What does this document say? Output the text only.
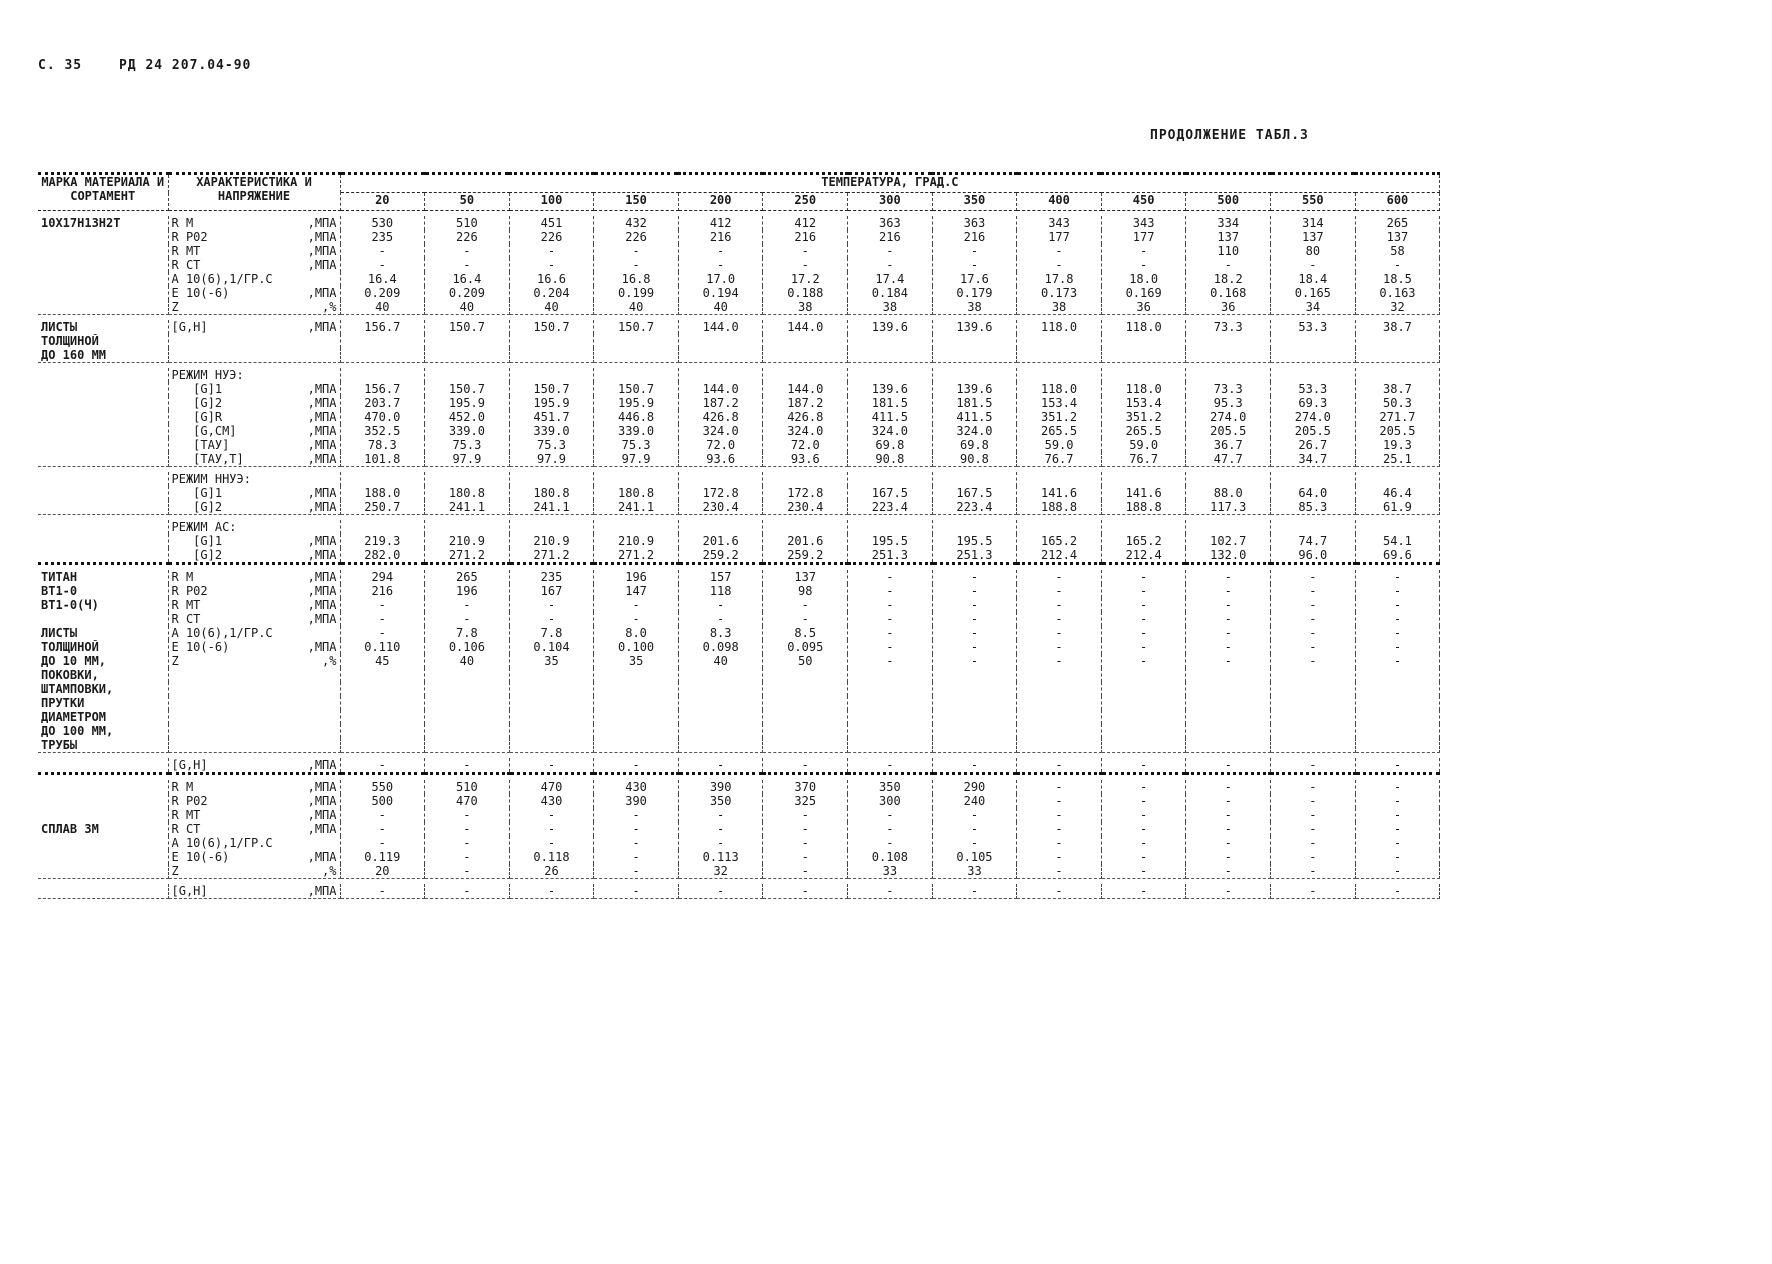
С. 35	РД 24 207.04-90
ПРОДОЛЖЕНИЕ ТАБЛ.3
МАРКА МАТЕРИАЛА И СОРТАМЕНТ	ХАРАКТЕРИСТИКА И НАПРЯЖЕНИЕ	ТЕМПЕРАТУРА, ГРАД.С												
		20	50	100	150	200	250	300	350	400	450	500	550	600

10Х17Н13Н2Т	R M ,МПА	530	510	451	432	412	412	363	363	343	343	334	314	265
	R P02 ,МПА	235	226	226	226	216	216	216	216	177	177	137	137	137
	R MT ,МПА	-	-	-	-	-	-	-	-	-	-	110	80	58
	R CT ,МПА	-	-	-	-	-	-	-	-	-	-	-	-	-
	A 10(6),1/ГР.С	16.4	16.4	16.6	16.8	17.0	17.2	17.4	17.6	17.8	18.0	18.2	18.4	18.5
	E 10(-6) ,МПА	0.209	0.209	0.204	0.199	0.194	0.188	0.184	0.179	0.173	0.169	0.168	0.165	0.163
	Z ,%	40	40	40	40	40	38	38	38	38	36	36	34	32

ЛИСТЫ	[G,H] ,МПА	156.7	150.7	150.7	150.7	144.0	144.0	139.6	139.6	118.0	118.0	73.3	53.3	38.7
ТОЛЩИНОЙ														
ДО 160 ММ														

	РЕЖИМ НУЭ:													
	[G]1 ,МПА	156.7	150.7	150.7	150.7	144.0	144.0	139.6	139.6	118.0	118.0	73.3	53.3	38.7
	[G]2 ,МПА	203.7	195.9	195.9	195.9	187.2	187.2	181.5	181.5	153.4	153.4	95.3	69.3	50.3
	[G]R ,МПА	470.0	452.0	451.7	446.8	426.8	426.8	411.5	411.5	351.2	351.2	274.0	274.0	271.7
	[G,CM] ,МПА	352.5	339.0	339.0	339.0	324.0	324.0	324.0	324.0	265.5	265.5	205.5	205.5	205.5
	[ТАУ] ,МПА	78.3	75.3	75.3	75.3	72.0	72.0	69.8	69.8	59.0	59.0	36.7	26.7	19.3
	[ТАУ,Т] ,МПА	101.8	97.9	97.9	97.9	93.6	93.6	90.8	90.8	76.7	76.7	47.7	34.7	25.1

	РЕЖИМ ННУЭ:													
	[G]1 ,МПА	188.0	180.8	180.8	180.8	172.8	172.8	167.5	167.5	141.6	141.6	88.0	64.0	46.4
	[G]2 ,МПА	250.7	241.1	241.1	241.1	230.4	230.4	223.4	223.4	188.8	188.8	117.3	85.3	61.9

	РЕЖИМ АС:													
	[G]1 ,МПА	219.3	210.9	210.9	210.9	201.6	201.6	195.5	195.5	165.2	165.2	102.7	74.7	54.1
	[G]2 ,МПА	282.0	271.2	271.2	271.2	259.2	259.2	251.3	251.3	212.4	212.4	132.0	96.0	69.6

ТИТАН	R M ,МПА	294	265	235	196	157	137	-	-	-	-	-	-	-
ВТ1-0	R P02 ,МПА	216	196	167	147	118	98	-	-	-	-	-	-	-
ВТ1-0(Ч)	R MT ,МПА	-	-	-	-	-	-	-	-	-	-	-	-	-
	R CT ,МПА	-	-	-	-	-	-	-	-	-	-	-	-	-
ЛИСТЫ	A 10(6),1/ГР.С	-	7.8	7.8	8.0	8.3	8.5	-	-	-	-	-	-	-
ТОЛЩИНОЙ	E 10(-6) ,МПА	0.110	0.106	0.104	0.100	0.098	0.095	-	-	-	-	-	-	-
ДО 10 ММ,	Z ,%	45	40	35	35	40	50	-	-	-	-	-	-	-
ПОКОВКИ,														
ШТАМПОВКИ,														
ПРУТКИ														
ДИАМЕТРОМ														
ДО 100 ММ,														
ТРУБЫ														

	[G,H] ,МПА	-	-	-	-	-	-	-	-	-	-	-	-	-

	R M ,МПА	550	510	470	430	390	370	350	290	-	-	-	-	-
	R P02 ,МПА	500	470	430	390	350	325	300	240	-	-	-	-	-
	R MT ,МПА	-	-	-	-	-	-	-	-	-	-	-	-	-
СПЛАВ 3М	R CT ,МПА	-	-	-	-	-	-	-	-	-	-	-	-	-
	A 10(6),1/ГР.С	-	-	-	-	-	-	-	-	-	-	-	-	-
	E 10(-6) ,МПА	0.119	-	0.118	-	0.113	-	0.108	0.105	-	-	-	-	-
	Z ,%	20	-	26	-	32	-	33	33	-	-	-	-	-

	[G,H] ,МПА	-	-	-	-	-	-	-	-	-	-	-	-	-
